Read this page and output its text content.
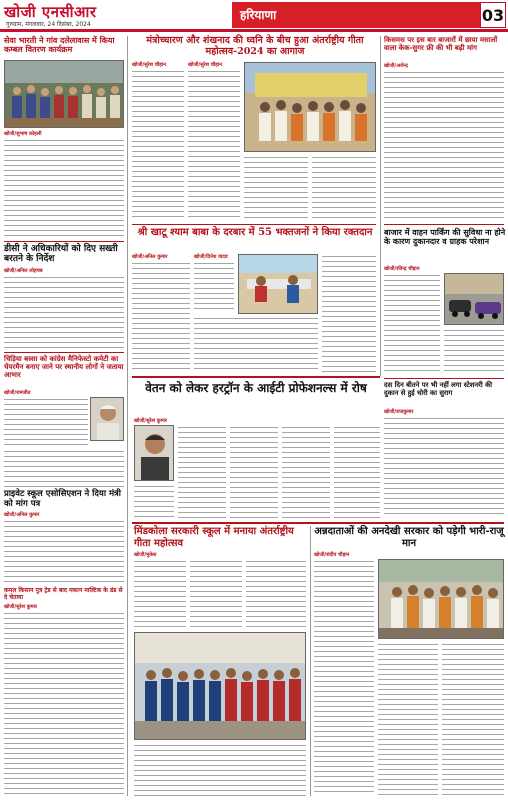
खोजी एनसीआर
गुरुग्राम, मंगलवार, 24 दिसंबर, 2024
हरियाणा	03
सेवा भारती ने गांव दलेलावास में किया कम्बल वितरण कार्यक्रम
खोजी/सुभाष कोहली
डीसी ने अधिकारियों को दिए सख्ती बरतने के निर्देश
खोजी/अनिल लोहचब
चिड़िया बस्सा को कांग्रेस मैनिफेस्टो कमेटी का चेयरमैन बनाए जाने पर स्थानीय लोगों ने जताया आभार
खोजी/रामजीत
प्राइवेट स्कूल एसोसिएशन ने दिया मंत्री को मांग पत्र
खोजी/अनिल कुमार
कमल किसान पुत्र ट्रेड से बाद मकान माल्टिक के डंड से दे चेताया
खोजी/सुरेश कुमार
मंत्रोच्चारण और शंखनाद की ध्वनि के बीच हुआ अंतर्राष्ट्रीय गीता महोत्सव-2024 का आगाज
खोजी/सुरेश चौहान	खोजी/सुरेश चौहान
श्री खाटू श्याम बाबा के दरबार में 55 भक्तजनों ने किया रक्तदान
खोजी/अनिल कुमार	खोजी/दिनेश यादव
किसमस पर इस बार बाजारों में छाया मसालों वाला केक-सुगर फ्री की भी बढ़ी मांग
खोजी/अजेन्द्र
बाजार में वाहन पार्किंग की सुविधा ना होने के कारण दुकानदार व ग्राहक परेशान
खोजी/रविन्द्र चौहान
दस दिन बीतने पर भी नहीं लगा स्टेशनरी की दुकान से हुई चोरी का सुराग
खोजी/राजकुमार
वेतन को लेकर हरट्रॉन के आईटी प्रोफेशनल्स में रोष
खोजी/सुरेश कुमार
मिंडकोला सरकारी स्कूल में मनाया अंतर्राष्ट्रीय गीता महोत्सव
खोजी/मुकेश
अन्नदाताओं की अनदेखी सरकार को पड़ेगी भारी-राजू मान
खोजी/संदीप चौहान
